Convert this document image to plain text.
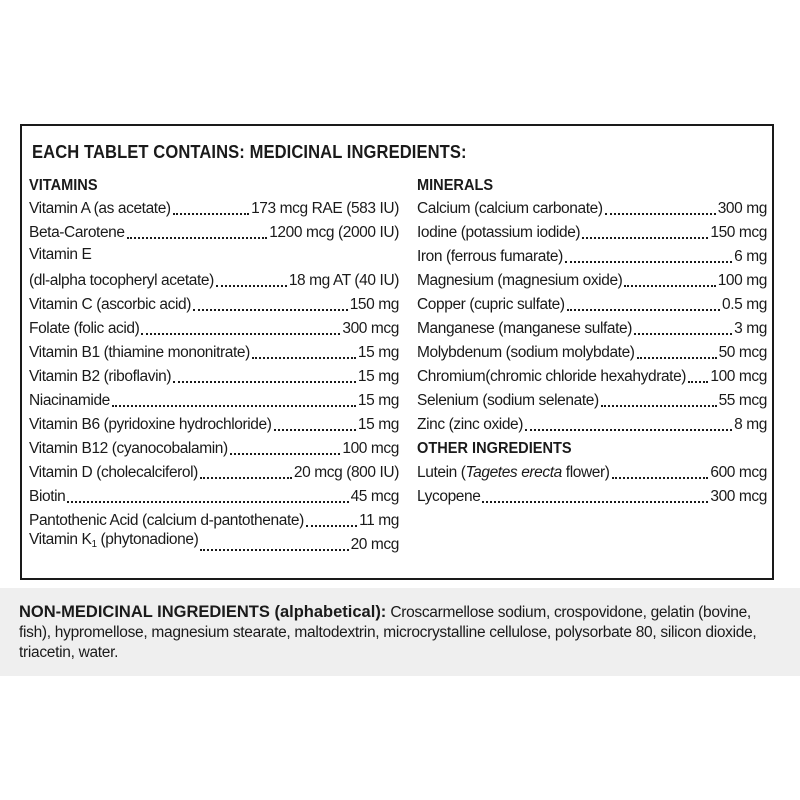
EACH TABLET CONTAINS: MEDICINAL INGREDIENTS:
VITAMINS
Vitamin A (as acetate)	173 mcg RAE (583 IU)
Beta-Carotene	1200 mcg (2000 IU)
Vitamin E
(dl-alpha tocopheryl acetate)	18 mg AT (40 IU)
Vitamin C (ascorbic acid)	150 mg
Folate (folic acid)	300 mcg
Vitamin B1 (thiamine mononitrate)	15 mg
Vitamin B2 (riboflavin)	15 mg
Niacinamide	15 mg
Vitamin B6 (pyridoxine hydrochloride)	15 mg
Vitamin B12 (cyanocobalamin)	100 mcg
Vitamin D (cholecalciferol)	20 mcg (800 IU)
Biotin	45 mcg
Pantothenic Acid (calcium d-pantothenate)	11 mg
Vitamin $K_1$ (phytonadione)	20 mcg
MINERALS
Calcium (calcium carbonate)	300 mg
Iodine (potassium iodide)	150 mcg
Iron (ferrous fumarate)	6 mg
Magnesium (magnesium oxide)	100 mg
Copper (cupric sulfate)	0.5 mg
Manganese (manganese sulfate)	3 mg
Molybdenum (sodium molybdate)	50 mcg
Chromium(chromic chloride hexahydrate) 100 mcg
Selenium (sodium selenate)	55 mcg
Zinc (zinc oxide)	8 mg
OTHER INGREDIENTS
Lutein (Tagetes erecta flower)	600 mcg
Lycopene	300 mcg
NON-MEDICINAL INGREDIENTS (alphabetical): Croscarmellose sodium, crospovidone, gelatin (bovine, fish), hypromellose, magnesium stearate, maltodextrin, microcrystalline cellulose, polysorbate 80, silicon dioxide, triacetin, water.
